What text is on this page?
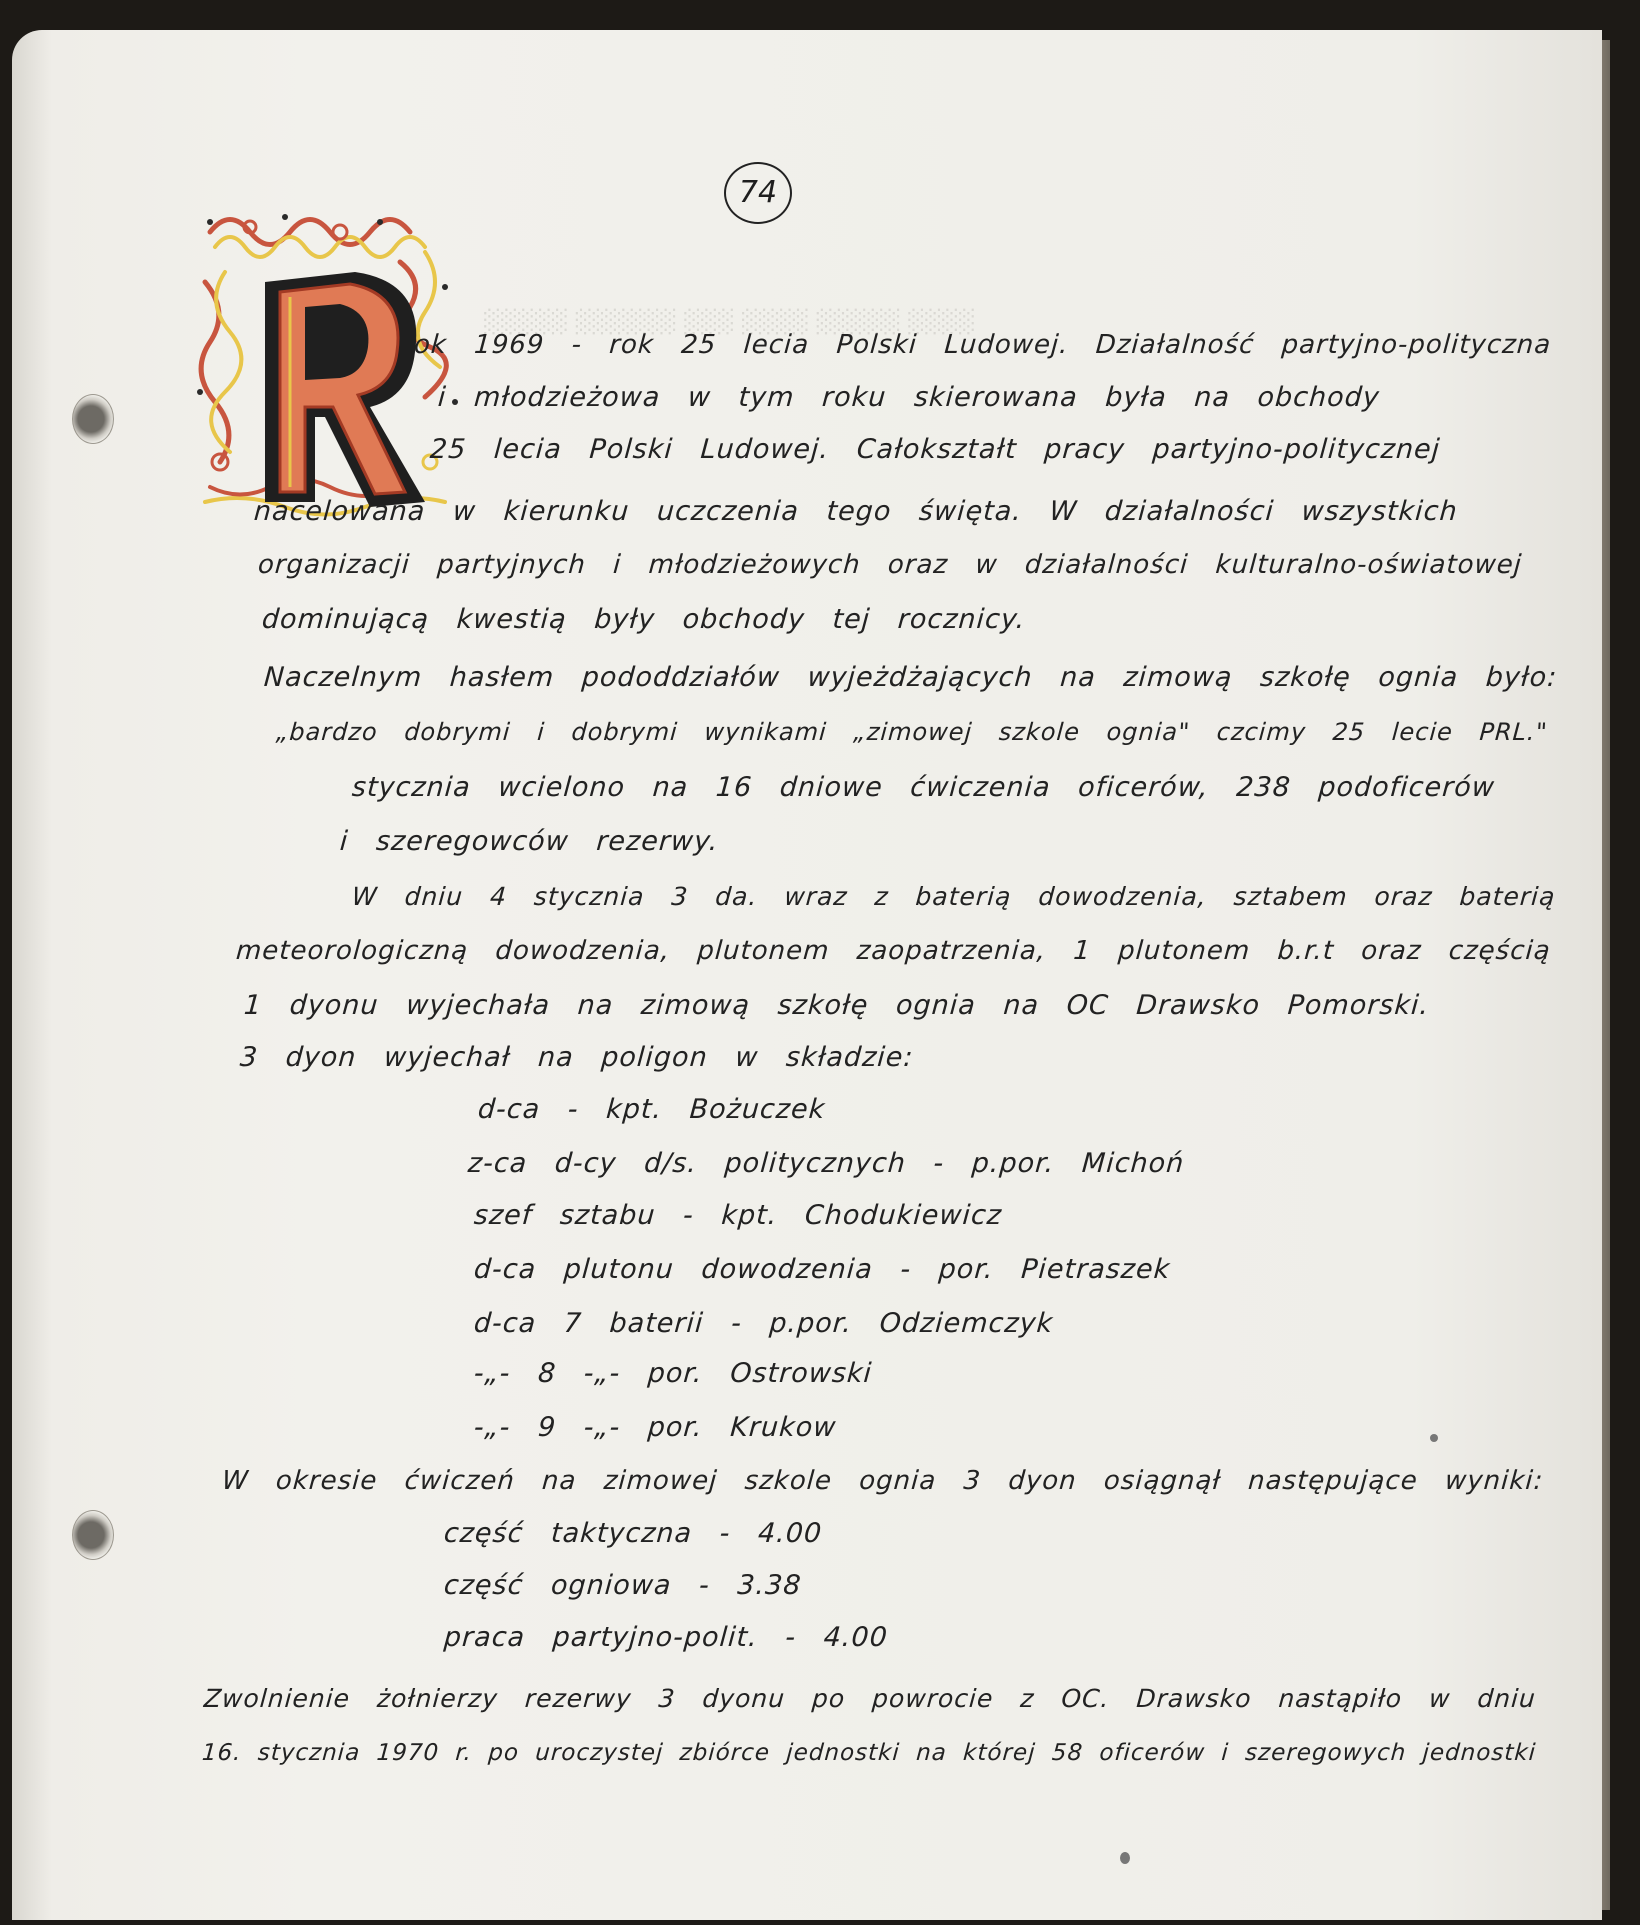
░░░░ ░░░░░ ░░░░ ░░░ ░░░░░░ ░░░░░
74
ok 1969 - rok 25 lecia Polski Ludowej. Działalność partyjno-polityczna
i młodzieżowa w tym roku skierowana była na obchody
25 lecia Polski Ludowej. Całokształt pracy partyjno-politycznej
nacelowana w kierunku uczczenia tego święta. W działalności wszystkich
organizacji partyjnych i młodzieżowych oraz w działalności kulturalno-oświatowej
dominującą kwestią były obchody tej rocznicy.
Naczelnym hasłem pododdziałów wyjeżdżających na zimową szkołę ognia było:
„bardzo dobrymi i dobrymi wynikami „zimowej szkole ognia" czcimy 25 lecie PRL."
stycznia wcielono na 16 dniowe ćwiczenia oficerów, 238 podoficerów
i szeregowców rezerwy.
W dniu 4 stycznia 3 da. wraz z baterią dowodzenia, sztabem oraz baterią
meteorologiczną dowodzenia, plutonem zaopatrzenia, 1 plutonem b.r.t oraz częścią
1 dyonu wyjechała na zimową szkołę ognia na OC Drawsko Pomorski.
3 dyon wyjechał na poligon w składzie:
d-ca - kpt. Bożuczek
z-ca d-cy d/s. politycznych - p.por. Michoń
szef sztabu - kpt. Chodukiewicz
d-ca plutonu dowodzenia - por. Pietraszek
d-ca 7 baterii - p.por. Odziemczyk
-„- 8 -„- por. Ostrowski
-„- 9 -„- por. Krukow
W okresie ćwiczeń na zimowej szkole ognia 3 dyon osiągnął następujące wyniki:
część taktyczna - 4.00
część ogniowa - 3.38
praca partyjno-polit. - 4.00
Zwolnienie żołnierzy rezerwy 3 dyonu po powrocie z OC. Drawsko nastąpiło w dniu
16. stycznia 1970 r. po uroczystej zbiórce jednostki na której 58 oficerów i szeregowych jednostki
